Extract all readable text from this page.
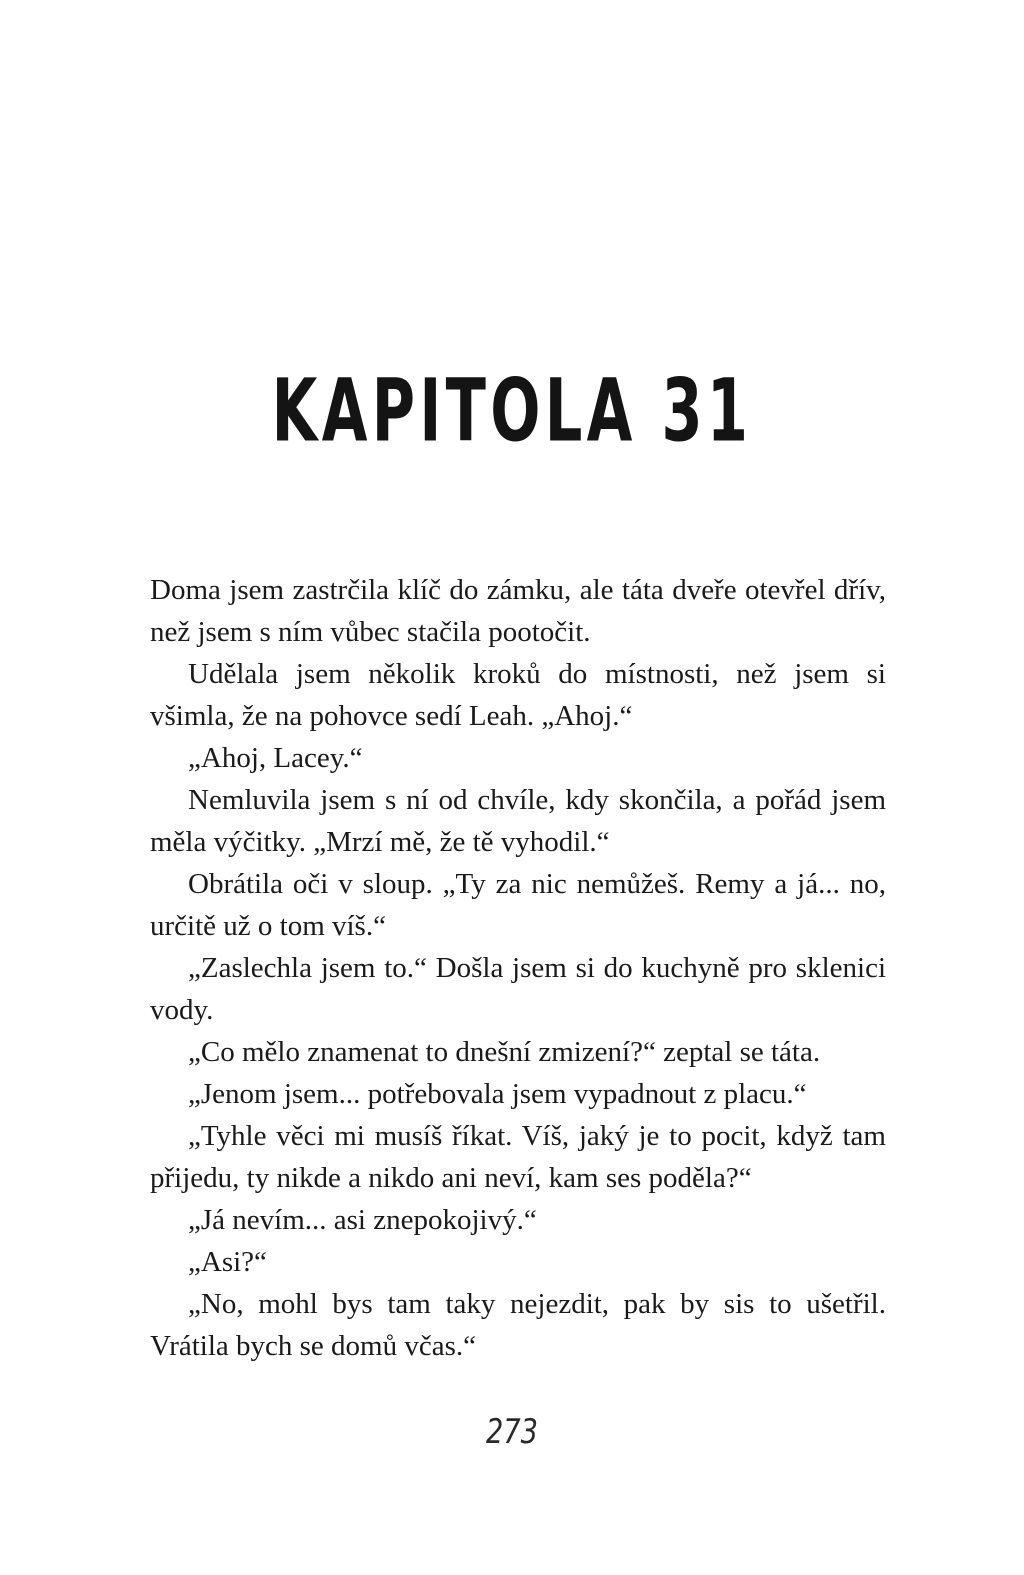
KAPITOLA 31

Doma jsem zastrčila klíč do zámku, ale táta dveře otevřel dřív, než jsem s ním vůbec stačila pootočit.

Udělala jsem několik kroků do místnosti, než jsem si všimla, že na pohovce sedí Leah. „Ahoj.“

„Ahoj, Lacey.“

Nemluvila jsem s ní od chvíle, kdy skončila, a pořád jsem měla výčitky. „Mrzí mě, že tě vyhodil.“

Obrátila oči v sloup. „Ty za nic nemůžeš. Remy a já... no, určitě už o tom víš.“

„Zaslechla jsem to.“ Došla jsem si do kuchyně pro sklenici vody.

„Co mělo znamenat to dnešní zmizení?“ zeptal se táta.

„Jenom jsem... potřebovala jsem vypadnout z placu.“

„Tyhle věci mi musíš říkat. Víš, jaký je to pocit, když tam přijedu, ty nikde a nikdo ani neví, kam ses poděla?“

„Já nevím... asi znepokojivý.“

„Asi?“

„No, mohl bys tam taky nejezdit, pak by sis to ušetřil. Vrátila bych se domů včas.“

273
